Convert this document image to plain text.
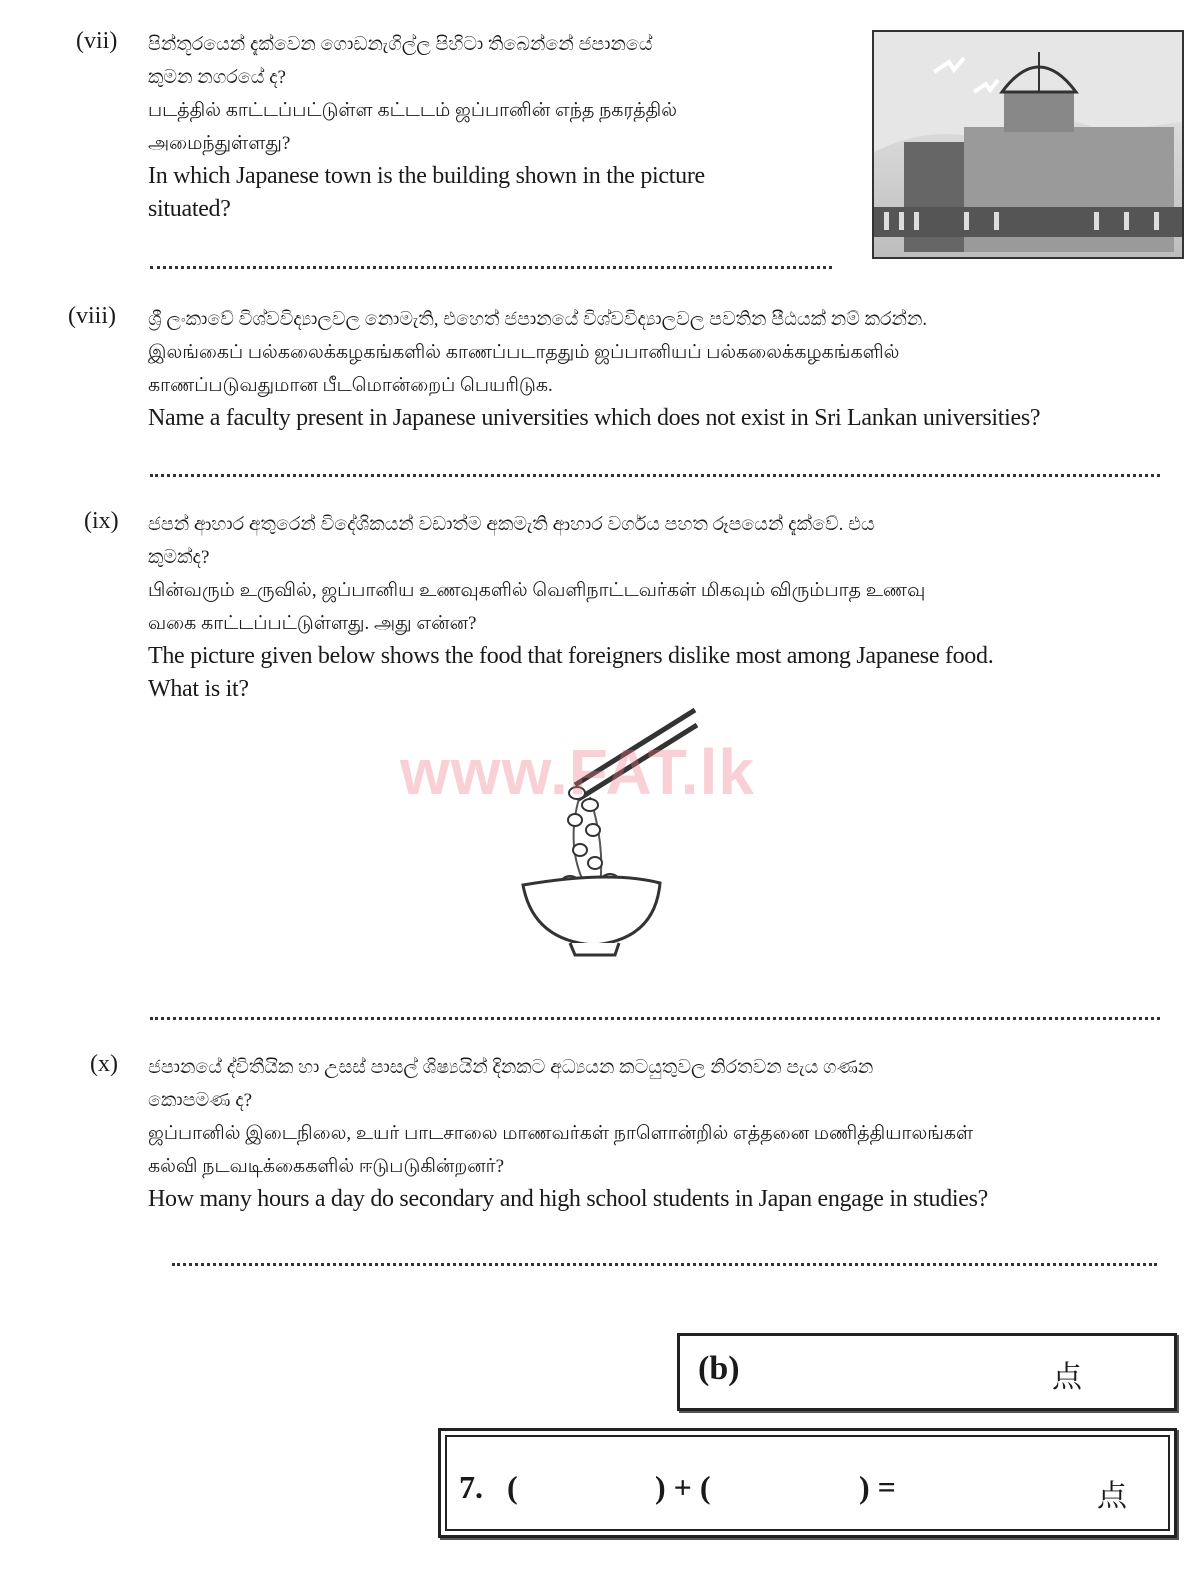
(vii) පින්තූරයෙන් දැක්වෙන ගොඩනැගිල්ල පිහිටා තිබෙන්නේ ජපානයේ
කුමන නගරයේ ද?
படத்தில் காட்டப்பட்டுள்ள கட்டடம் ஜப்பானின் எந்த நகரத்தில்
அமைந்துள்ளது?
In which Japanese town is the building shown in the picture
situated?
(viii) ශ්‍රී ලංකාවේ විශ්වවිද්‍යාලවල නොමැති, එහෙත් ජපානයේ විශ්වවිද්‍යාලවල පවතින පීඨයක් නම් කරන්න.
இலங்கைப் பல்கலைக்கழகங்களில் காணப்படாததும் ஜப்பானியப் பல்கலைக்கழகங்களில்
காணப்படுவதுமான பீடமொன்றைப் பெயரிடுக.
Name a faculty present in Japanese universities which does not exist in Sri Lankan universities?
(ix) ජපන් ආහාර අතුරෙන් විදේශිකයන් වඩාත්ම අකමැති ආහාර වර්ගය පහත රූපයෙන් දැක්වේ. එය
කුමක්ද?
பின்வரும் உருவில், ஜப்பானிய உணவுகளில் வெளிநாட்டவர்கள் மிகவும் விரும்பாத உணவு
வகை காட்டப்பட்டுள்ளது. அது என்ன?
The picture given below shows the food that foreigners dislike most among Japanese food.
What is it?
www.FAT.lk
(x) ජපානයේ ද්විතීයික හා උසස් පාසල් ශිෂ්‍යයින් දිනකට අධ්‍යයන කටයුතුවල නිරතවන පැය ගණන
කොපමණ ද?
ஜப்பானில் இடைநிலை, உயர் பாடசாலை மாணவர்கள் நாளொன்றில் எத்தனை மணித்தியாலங்கள்
கல்வி நடவடிக்கைகளில் ஈடுபடுகின்றனர்?
How many hours a day do secondary and high school students in Japan engage in studies?
(b)	点
7. (	) + (	) =	点
